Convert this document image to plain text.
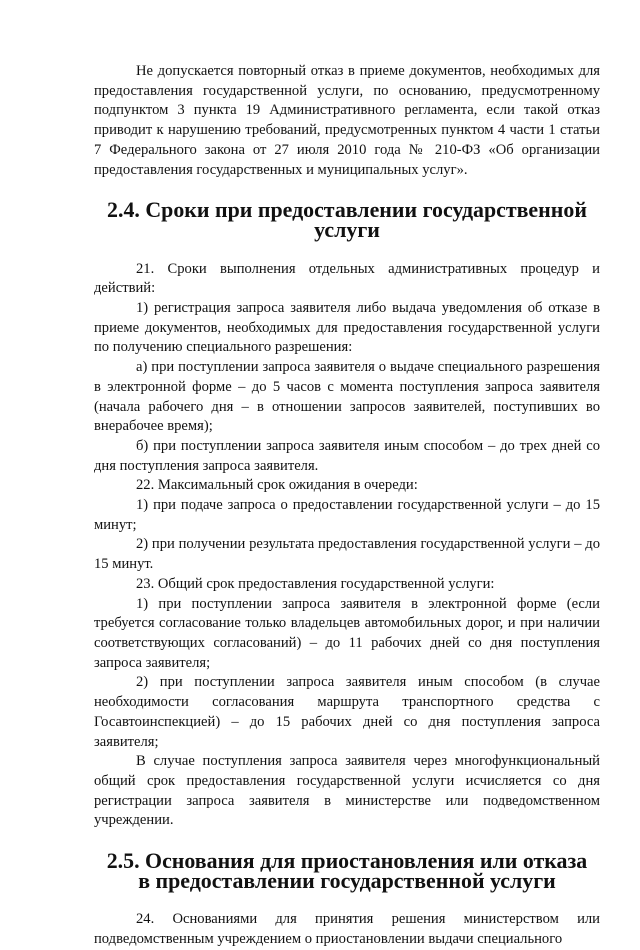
Не допускается повторный отказ в приеме документов, необходимых для предоставления государственной услуги, по основанию, предусмотренному подпунктом 3 пункта 19 Административного регламента, если такой отказ приводит к нарушению требований, предусмотренных пунктом 4 части 1 статьи 7 Федерального закона от 27 июля 2010 года № 210-ФЗ «Об организации предоставления государственных и муниципальных услуг».

2.4. Сроки при предоставлении государственной услуги

21. Сроки выполнения отдельных административных процедур и действий:

1) регистрация запроса заявителя либо выдача уведомления об отказе в приеме документов, необходимых для предоставления государственной услуги по получению специального разрешения:

а) при поступлении запроса заявителя о выдаче специального разрешения в электронной форме – до 5 часов с момента поступления запроса заявителя (начала рабочего дня – в отношении запросов заявителей, поступивших во внерабочее время);

б) при поступлении запроса заявителя иным способом – до трех дней со дня поступления запроса заявителя.

22. Максимальный срок ожидания в очереди:

1) при подаче запроса о предоставлении государственной услуги – до 15 минут;

2) при получении результата предоставления государственной услуги – до 15 минут.

23. Общий срок предоставления государственной услуги:

1) при поступлении запроса заявителя в электронной форме (если требуется согласование только владельцев автомобильных дорог, и при наличии соответствующих согласований) – до 11 рабочих дней со дня поступления запроса заявителя;

2) при поступлении запроса заявителя иным способом (в случае необходимости согласования маршрута транспортного средства с Госавтоинспекцией) – до 15 рабочих дней со дня поступления запроса заявителя;

В случае поступления запроса заявителя через многофункциональный общий срок предоставления государственной услуги исчисляется со дня регистрации запроса заявителя в министерстве или подведомственном учреждении.

2.5. Основания для приостановления или отказа
в предоставлении государственной услуги

24. Основаниями для принятия решения министерством или подведомственным учреждением о приостановлении выдачи специального
